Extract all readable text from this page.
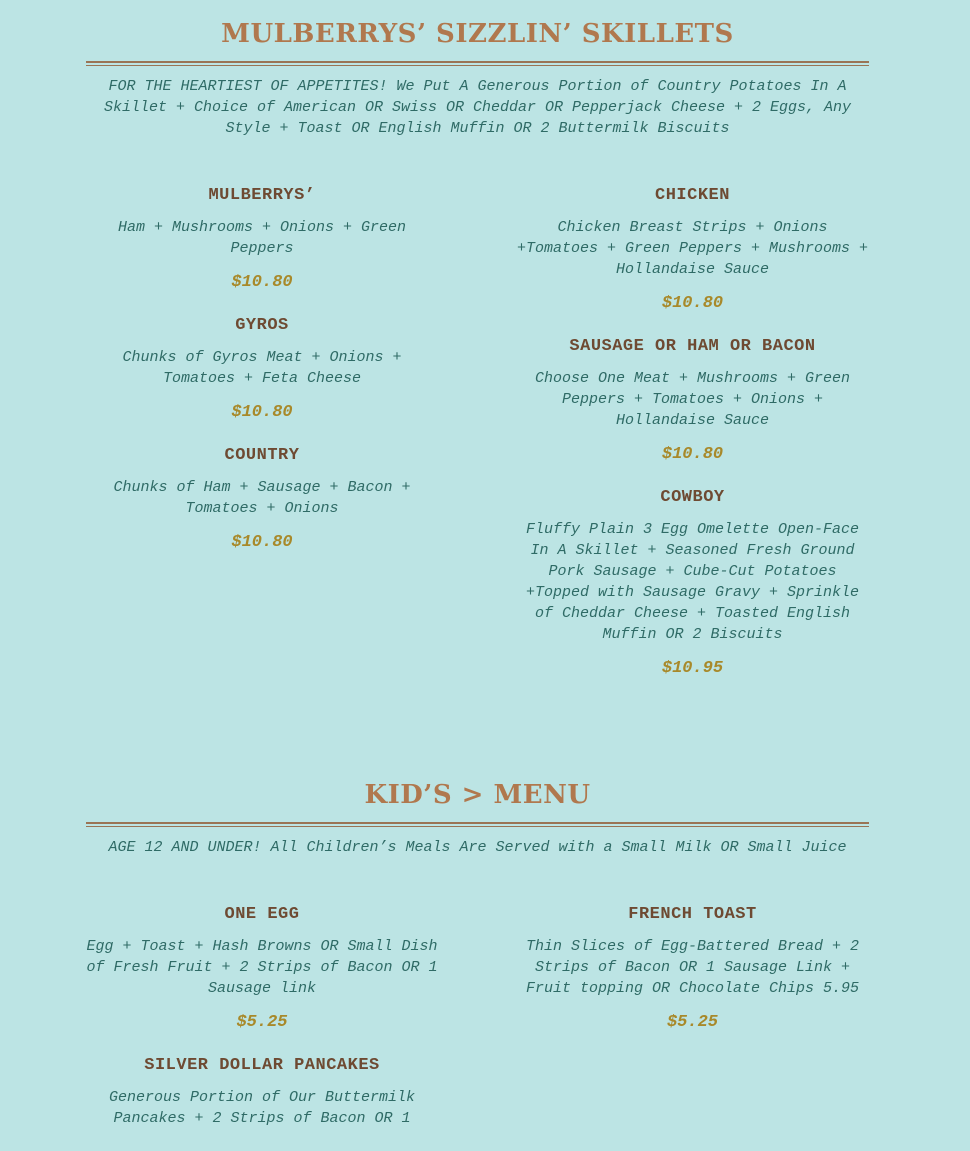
MULBERRYS’ SIZZLIN’ SKILLETS

FOR THE HEARTIEST OF APPETITES! We Put A Generous Portion of Country Potatoes In A Skillet + Choice of American OR Swiss OR Cheddar OR Pepperjack Cheese + 2 Eggs, Any Style + Toast OR English Muffin OR 2 Buttermilk Biscuits

MULBERRYS’
Ham + Mushrooms + Onions + Green Peppers
$10.80
GYROS
Chunks of Gyros Meat + Onions + Tomatoes + Feta Cheese
$10.80
COUNTRY
Chunks of Ham + Sausage + Bacon + Tomatoes + Onions
$10.80
CHICKEN
Chicken Breast Strips + Onions +Tomatoes + Green Peppers + Mushrooms + Hollandaise Sauce
$10.80
SAUSAGE OR HAM OR BACON
Choose One Meat + Mushrooms + Green Peppers + Tomatoes + Onions + Hollandaise Sauce
$10.80
COWBOY
Fluffy Plain 3 Egg Omelette Open-Face In A Skillet + Seasoned Fresh Ground Pork Sausage + Cube-Cut Potatoes +Topped with Sausage Gravy + Sprinkle of Cheddar Cheese + Toasted English Muffin OR 2 Biscuits
$10.95
KID’S > MENU

AGE 12 AND UNDER! All Children’s Meals Are Served with a Small Milk OR Small Juice

ONE EGG
Egg + Toast + Hash Browns OR Small Dish of Fresh Fruit + 2 Strips of Bacon OR 1 Sausage link
$5.25
SILVER DOLLAR PANCAKES
Generous Portion of Our Buttermilk Pancakes + 2 Strips of Bacon OR 1
FRENCH TOAST
Thin Slices of Egg-Battered Bread + 2 Strips of Bacon OR 1 Sausage Link + Fruit topping OR Chocolate Chips 5.95
$5.25
